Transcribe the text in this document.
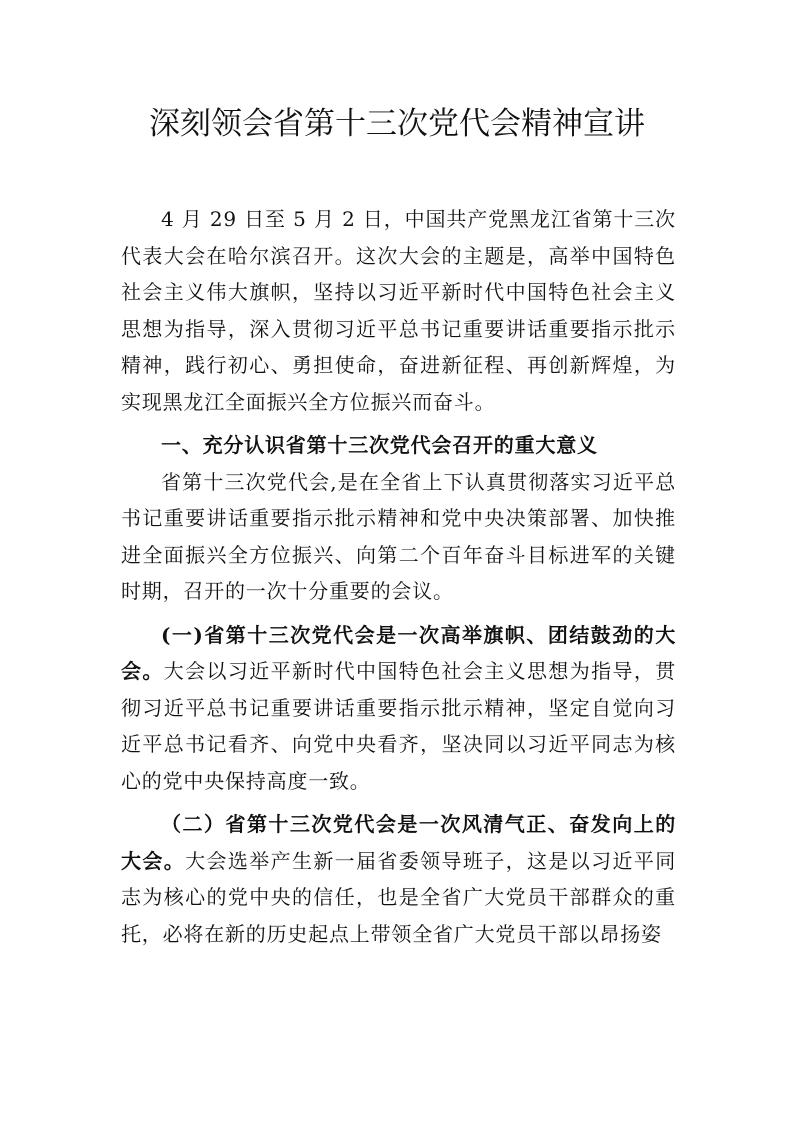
深刻领会省第十三次党代会精神宣讲

4 月 29 日至 5 月 2 日，中国共产党黑龙江省第十三次代表大会在哈尔滨召开。这次大会的主题是，高举中国特色社会主义伟大旗帜，坚持以习近平新时代中国特色社会主义思想为指导，深入贯彻习近平总书记重要讲话重要指示批示精神，践行初心、勇担使命，奋进新征程、再创新辉煌，为实现黑龙江全面振兴全方位振兴而奋斗。

一、充分认识省第十三次党代会召开的重大意义

省第十三次党代会,是在全省上下认真贯彻落实习近平总书记重要讲话重要指示批示精神和党中央决策部署、加快推进全面振兴全方位振兴、向第二个百年奋斗目标进军的关键时期，召开的一次十分重要的会议。

(一)省第十三次党代会是一次高举旗帜、团结鼓劲的大会。大会以习近平新时代中国特色社会主义思想为指导，贯彻习近平总书记重要讲话重要指示批示精神，坚定自觉向习近平总书记看齐、向党中央看齐，坚决同以习近平同志为核心的党中央保持高度一致。

（二）省第十三次党代会是一次风清气正、奋发向上的大会。大会选举产生新一届省委领导班子，这是以习近平同志为核心的党中央的信任，也是全省广大党员干部群众的重托，必将在新的历史起点上带领全省广大党员干部以昂扬姿
